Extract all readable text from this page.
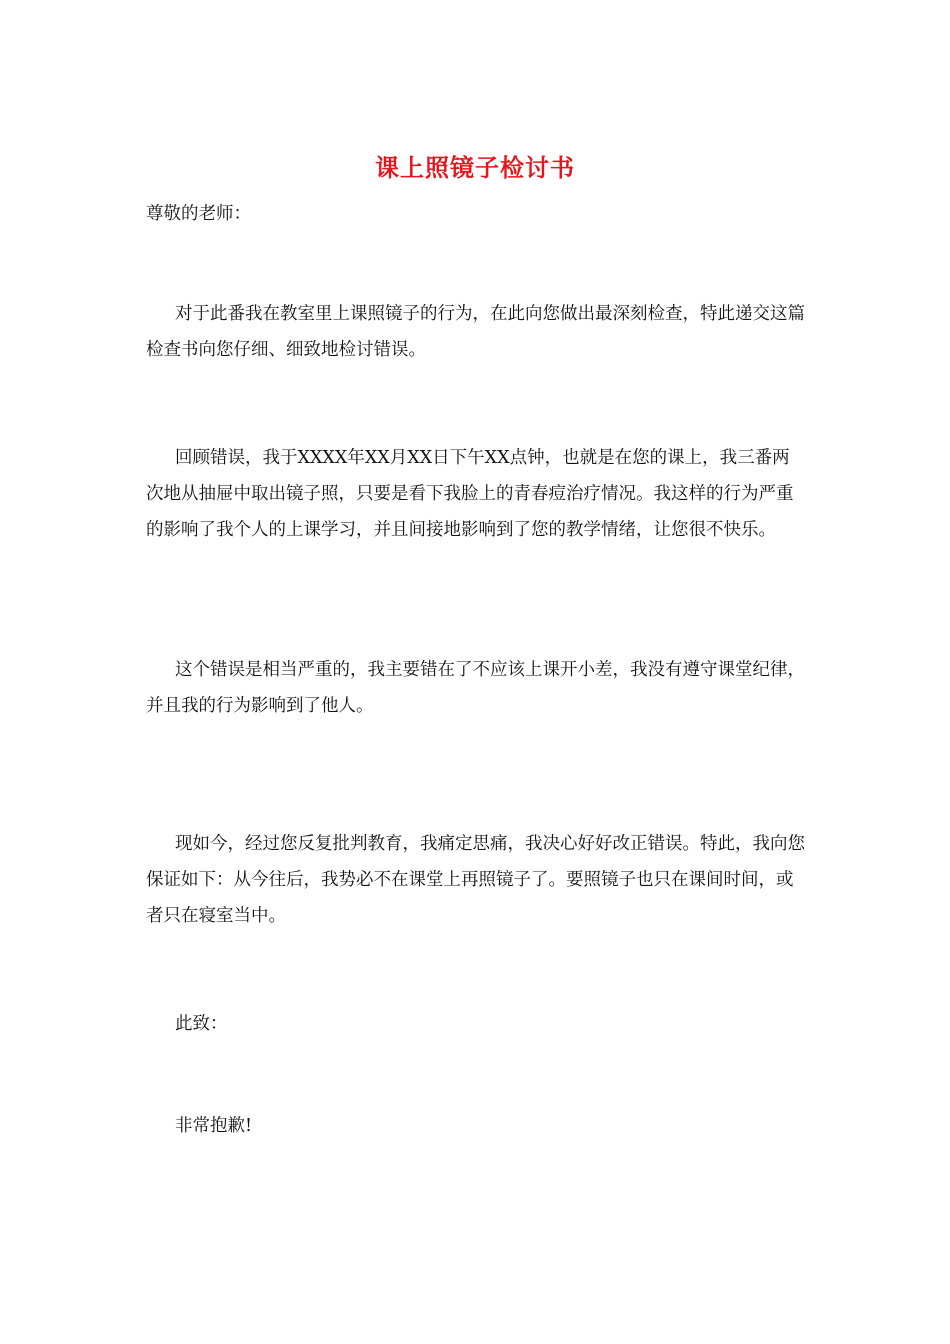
课上照镜子检讨书

尊敬的老师：

对于此番我在教室里上课照镜子的行为，在此向您做出最深刻检查，特此递交这篇检查书向您仔细、细致地检讨错误。

回顾错误，我于XXXX年XX月XX日下午XX点钟，也就是在您的课上，我三番两次地从抽屉中取出镜子照，只要是看下我脸上的青春痘治疗情况。我这样的行为严重的影响了我个人的上课学习，并且间接地影响到了您的教学情绪，让您很不快乐。

这个错误是相当严重的，我主要错在了不应该上课开小差，我没有遵守课堂纪律，并且我的行为影响到了他人。

现如今，经过您反复批判教育，我痛定思痛，我决心好好改正错误。特此，我向您保证如下：从今往后，我势必不在课堂上再照镜子了。要照镜子也只在课间时间，或者只在寝室当中。

此致：

非常抱歉!
